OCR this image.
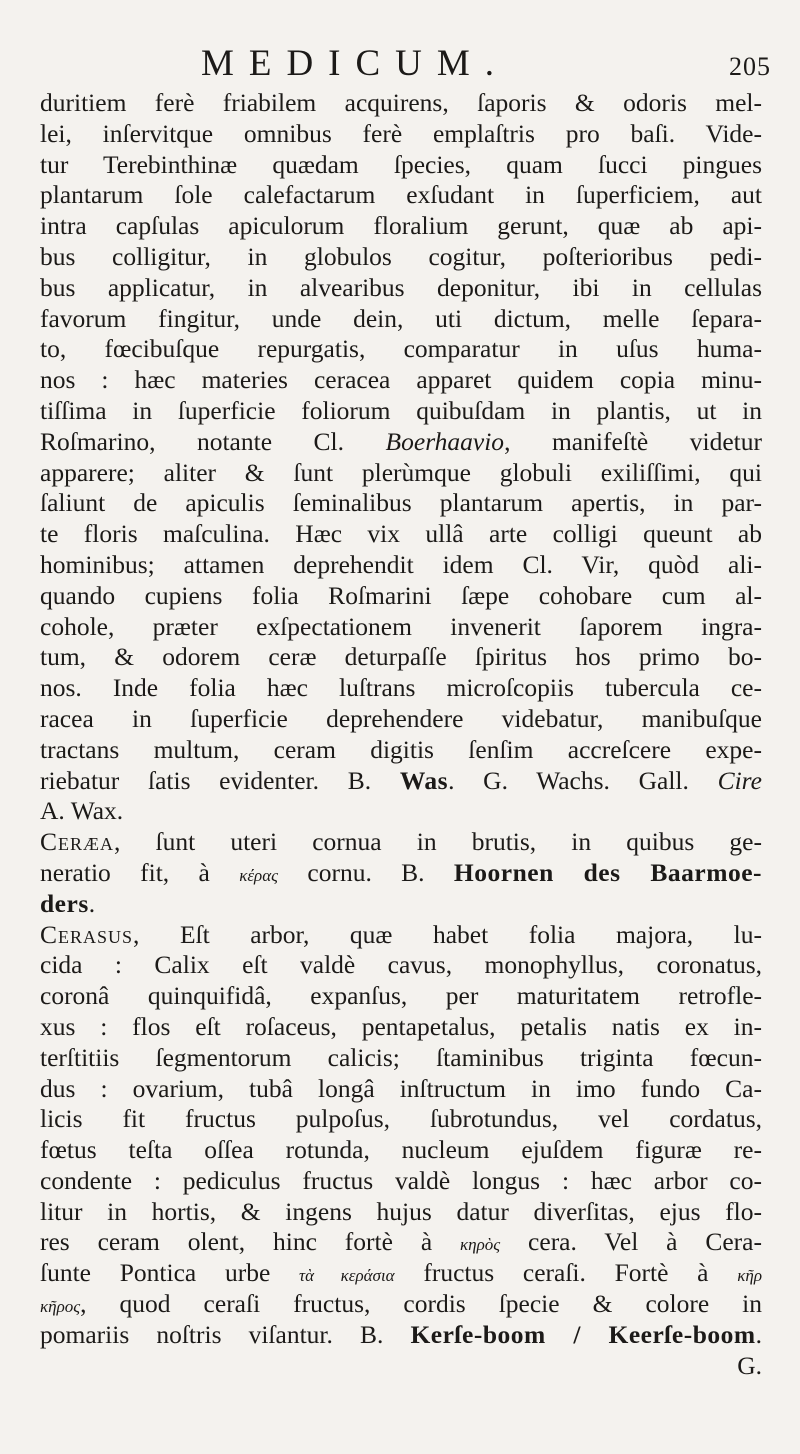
MEDICUM.	205
duritiem ferè friabilem acquirens, ſaporis & odoris mel-
lei, inſervitque omnibus ferè emplaſtris pro baſi. Vide-
tur Terebinthinæ quædam ſpecies, quam ſucci pingues
plantarum ſole calefactarum exſudant in ſuperficiem, aut
intra capſulas apiculorum floralium gerunt, quæ ab api-
bus colligitur, in globulos cogitur, poſterioribus pedi-
bus applicatur, in alvearibus deponitur, ibi in cellulas
favorum fingitur, unde dein, uti dictum, melle ſepara-
to, fœcibuſque repurgatis, comparatur in uſus huma-
nos : hæc materies ceracea apparet quidem copia minu-
tiſſima in ſuperficie foliorum quibuſdam in plantis, ut in
Roſmarino, notante Cl. Boerhaavio, manifeſtè videtur
apparere; aliter & ſunt plerùmque globuli exiliſſimi, qui
ſaliunt de apiculis ſeminalibus plantarum apertis, in par-
te floris maſculina. Hæc vix ullâ arte colligi queunt ab
hominibus; attamen deprehendit idem Cl. Vir, quòd ali-
quando cupiens folia Roſmarini ſæpe cohobare cum al-
cohole, præter exſpectationem invenerit ſaporem ingra-
tum, & odorem ceræ deturpaſſe ſpiritus hos primo bo-
nos. Inde folia hæc luſtrans microſcopiis tubercula ce-
racea in ſuperficie deprehendere videbatur, manibuſque
tractans multum, ceram digitis ſenſim accreſcere expe-
riebatur ſatis evidenter. B. Was. G. Wachs. Gall. Cire
A. Wax.
Ceræa, ſunt uteri cornua in brutis, in quibus ge-
neratio fit, à κέρας cornu. B. Hoornen des Baarmoe-
ders.
Cerasus, Eſt arbor, quæ habet folia majora, lu-
cida : Calix eſt valdè cavus, monophyllus, coronatus,
coronâ quinquifidâ, expanſus, per maturitatem retrofle-
xus : flos eſt roſaceus, pentapetalus, petalis natis ex in-
terſtitiis ſegmentorum calicis; ſtaminibus triginta fœcun-
dus : ovarium, tubâ longâ inſtructum in imo fundo Ca-
licis fit fructus pulpoſus, ſubrotundus, vel cordatus,
fœtus teſta oſſea rotunda, nucleum ejuſdem figuræ re-
condente : pediculus fructus valdè longus : hæc arbor co-
litur in hortis, & ingens hujus datur diverſitas, ejus flo-
res ceram olent, hinc fortè à κηρὸς cera. Vel à Cera-
ſunte Pontica urbe τὰ κεράσια fructus ceraſi. Fortè à κῆρ
κῆρος, quod ceraſi fructus, cordis ſpecie & colore in
pomariis noſtris viſantur. B. Kerſe-boom / Keerſe-boom.
G.
